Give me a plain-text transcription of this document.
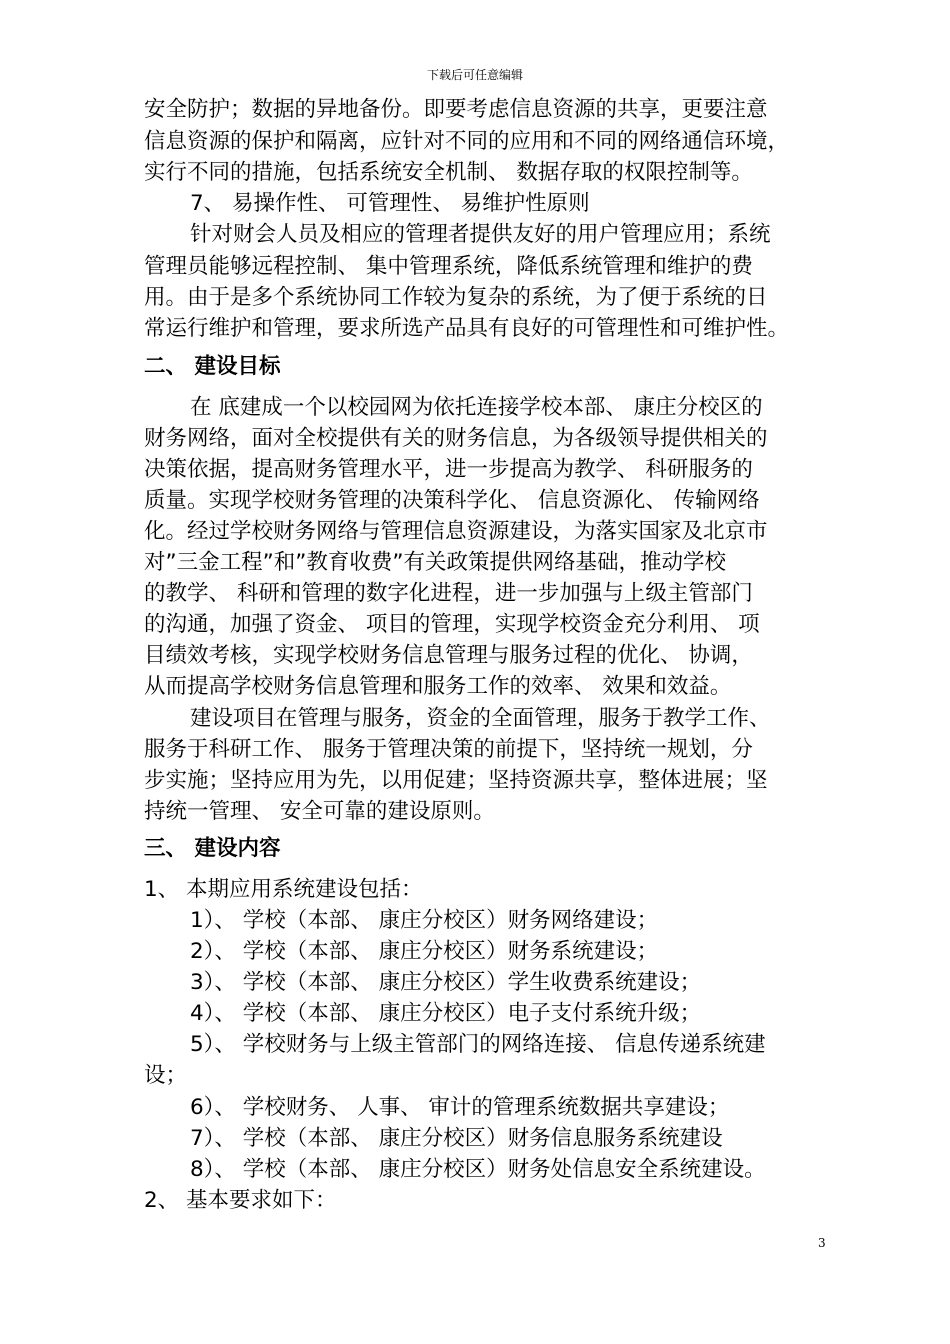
下载后可任意编辑
安全防护；数据的异地备份。即要考虑信息资源的共享，更要注意
信息资源的保护和隔离，应针对不同的应用和不同的网络通信环境，
实行不同的措施，包括系统安全机制、 数据存取的权限控制等。
7、 易操作性、 可管理性、 易维护性原则
针对财会人员及相应的管理者提供友好的用户管理应用；系统
管理员能够远程控制、 集中管理系统，降低系统管理和维护的费
用。由于是多个系统协同工作较为复杂的系统，为了便于系统的日
常运行维护和管理，要求所选产品具有良好的可管理性和可维护性。
二、 建设目标
在 底建成一个以校园网为依托连接学校本部、 康庄分校区的
财务网络，面对全校提供有关的财务信息，为各级领导提供相关的
决策依据，提高财务管理水平，进一步提高为教学、 科研服务的
质量。实现学校财务管理的决策科学化、 信息资源化、 传输网络
化。经过学校财务网络与管理信息资源建设，为落实国家及北京市
对”三金工程”和”教育收费”有关政策提供网络基础，推动学校
的教学、 科研和管理的数字化进程，进一步加强与上级主管部门
的沟通，加强了资金、 项目的管理，实现学校资金充分利用、 项
目绩效考核，实现学校财务信息管理与服务过程的优化、 协调，
从而提高学校财务信息管理和服务工作的效率、 效果和效益。
建设项目在管理与服务，资金的全面管理，服务于教学工作、
服务于科研工作、 服务于管理决策的前提下，坚持统一规划，分
步实施；坚持应用为先，以用促建；坚持资源共享，整体进展；坚
持统一管理、 安全可靠的建设原则。
三、 建设内容
1、 本期应用系统建设包括：
1）、 学校（本部、 康庄分校区）财务网络建设；
2）、 学校（本部、 康庄分校区）财务系统建设；
3）、 学校（本部、 康庄分校区）学生收费系统建设；
4）、 学校（本部、 康庄分校区）电子支付系统升级；
5）、 学校财务与上级主管部门的网络连接、 信息传递系统建
设；
6）、 学校财务、 人事、 审计的管理系统数据共享建设；
7）、 学校（本部、 康庄分校区）财务信息服务系统建设
8）、 学校（本部、 康庄分校区）财务处信息安全系统建设。
2、 基本要求如下：
3
